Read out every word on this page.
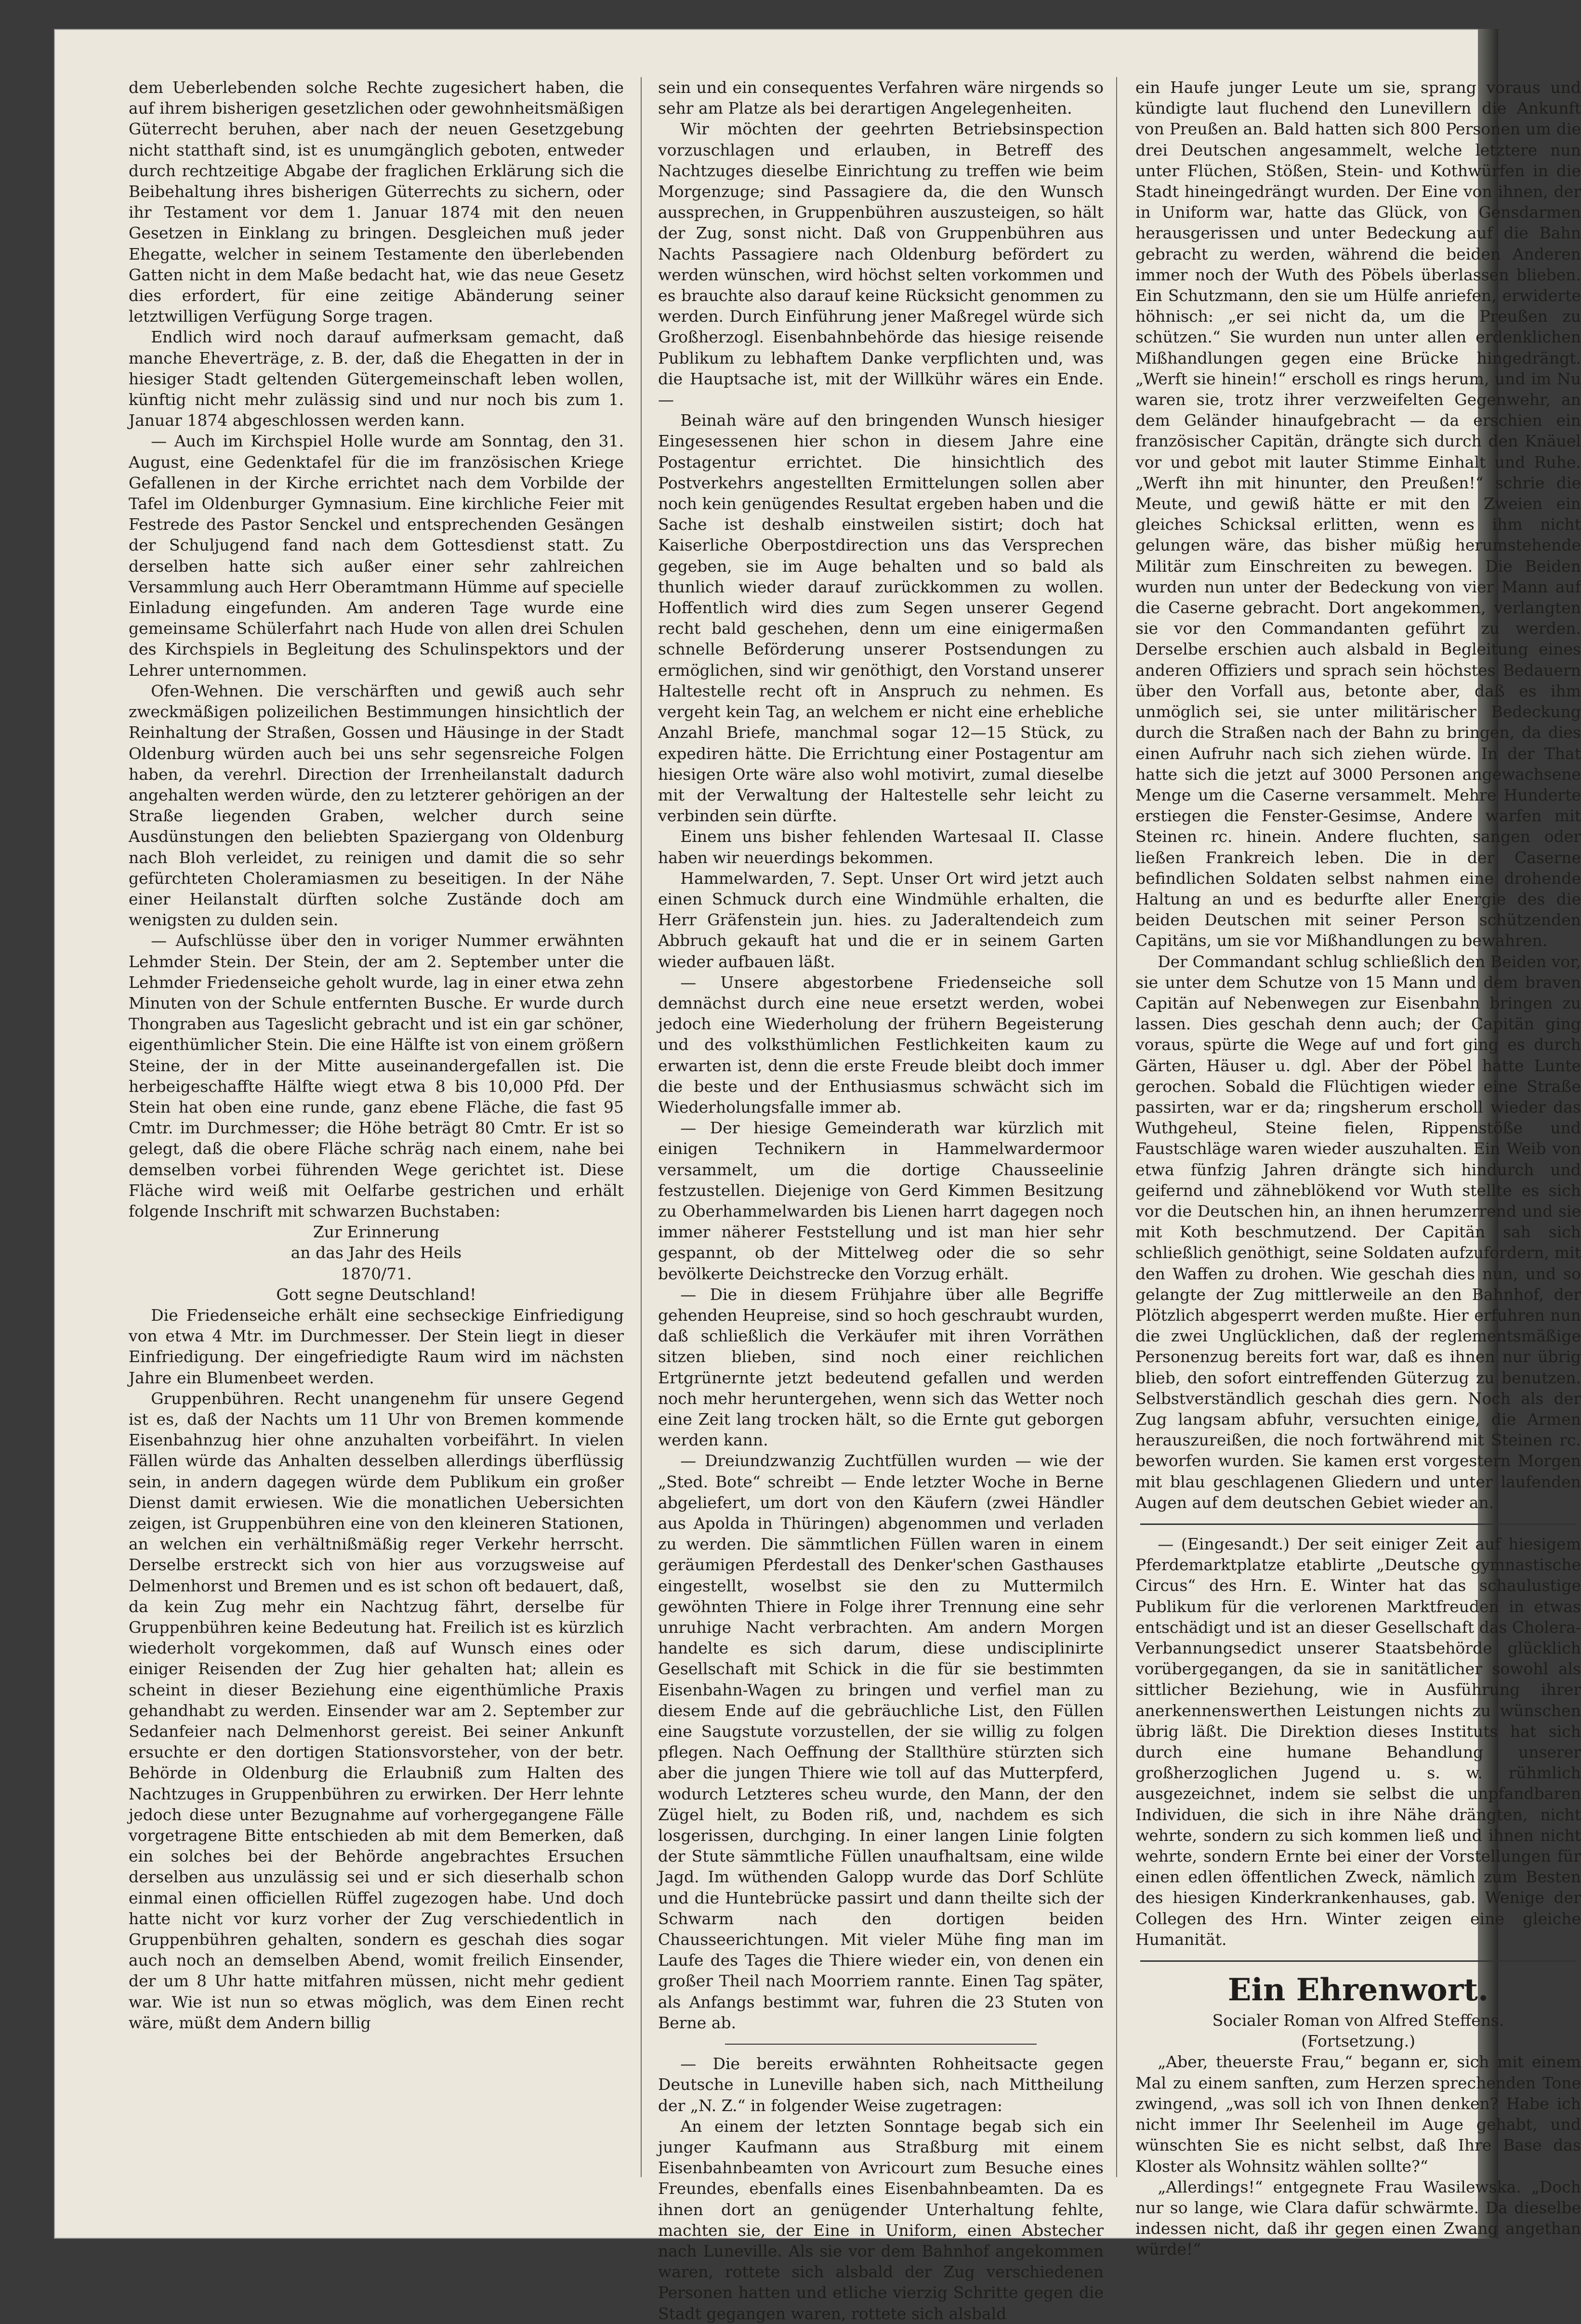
dem Ueberlebenden solche Rechte zugesichert haben, die auf ihrem bisherigen gesetzlichen oder gewohnheitsmäßigen Güterrecht beruhen, aber nach der neuen Gesetzgebung nicht statthaft sind, ist es unumgänglich geboten, entweder durch rechtzeitige Abgabe der fraglichen Erklärung sich die Beibehaltung ihres bisherigen Güterrechts zu sichern, oder ihr Testament vor dem 1. Januar 1874 mit den neuen Gesetzen in Einklang zu bringen. Desgleichen muß jeder Ehegatte, welcher in seinem Testamente den überlebenden Gatten nicht in dem Maße bedacht hat, wie das neue Gesetz dies erfordert, für eine zeitige Abänderung seiner letztwilligen Verfügung Sorge tragen.

Endlich wird noch darauf aufmerksam gemacht, daß manche Eheverträge, z. B. der, daß die Ehegatten in der in hiesiger Stadt geltenden Gütergemeinschaft leben wollen, künftig nicht mehr zulässig sind und nur noch bis zum 1. Januar 1874 abgeschlossen werden kann.

— Auch im Kirchspiel Holle wurde am Sonntag, den 31. August, eine Gedenktafel für die im französischen Kriege Gefallenen in der Kirche errichtet nach dem Vorbilde der Tafel im Oldenburger Gymnasium. Eine kirchliche Feier mit Festrede des Pastor Senckel und entsprechenden Gesängen der Schuljugend fand nach dem Gottesdienst statt. Zu derselben hatte sich außer einer sehr zahlreichen Versammlung auch Herr Oberamtmann Hümme auf specielle Einladung eingefunden. Am anderen Tage wurde eine gemeinsame Schülerfahrt nach Hude von allen drei Schulen des Kirchspiels in Begleitung des Schulinspektors und der Lehrer unternommen.

Ofen-Wehnen. Die verschärften und gewiß auch sehr zweckmäßigen polizeilichen Bestimmungen hinsichtlich der Reinhaltung der Straßen, Gossen und Häusinge in der Stadt Oldenburg würden auch bei uns sehr segensreiche Folgen haben, da verehrl. Direction der Irrenheilanstalt dadurch angehalten werden würde, den zu letzterer gehörigen an der Straße liegenden Graben, welcher durch seine Ausdünstungen den beliebten Spaziergang von Oldenburg nach Bloh verleidet, zu reinigen und damit die so sehr gefürchteten Choleramiasmen zu beseitigen. In der Nähe einer Heilanstalt dürften solche Zustände doch am wenigsten zu dulden sein.

— Aufschlüsse über den in voriger Nummer erwähnten Lehmder Stein. Der Stein, der am 2. September unter die Lehmder Friedenseiche geholt wurde, lag in einer etwa zehn Minuten von der Schule entfernten Busche. Er wurde durch Thongraben aus Tageslicht gebracht und ist ein gar schöner, eigenthümlicher Stein. Die eine Hälfte ist von einem größern Steine, der in der Mitte auseinandergefallen ist. Die herbeigeschaffte Hälfte wiegt etwa 8 bis 10,000 Pfd. Der Stein hat oben eine runde, ganz ebene Fläche, die fast 95 Cmtr. im Durchmesser; die Höhe beträgt 80 Cmtr. Er ist so gelegt, daß die obere Fläche schräg nach einem, nahe bei demselben vorbei führenden Wege gerichtet ist. Diese Fläche wird weiß mit Oelfarbe gestrichen und erhält folgende Inschrift mit schwarzen Buchstaben:

Zur Erinnerung

an das Jahr des Heils

1870/71.

Gott segne Deutschland!

Die Friedenseiche erhält eine sechseckige Einfriedigung von etwa 4 Mtr. im Durchmesser. Der Stein liegt in dieser Einfriedigung. Der eingefriedigte Raum wird im nächsten Jahre ein Blumenbeet werden.

Gruppenbühren. Recht unangenehm für unsere Gegend ist es, daß der Nachts um 11 Uhr von Bremen kommende Eisenbahnzug hier ohne anzuhalten vorbeifährt. In vielen Fällen würde das Anhalten desselben allerdings überflüssig sein, in andern dagegen würde dem Publikum ein großer Dienst damit erwiesen. Wie die monatlichen Uebersichten zeigen, ist Gruppenbühren eine von den kleineren Stationen, an welchen ein verhältnißmäßig reger Verkehr herrscht. Derselbe erstreckt sich von hier aus vorzugsweise auf Delmenhorst und Bremen und es ist schon oft bedauert, daß, da kein Zug mehr ein Nachtzug fährt, derselbe für Gruppenbühren keine Bedeutung hat. Freilich ist es kürzlich wiederholt vorgekommen, daß auf Wunsch eines oder einiger Reisenden der Zug hier gehalten hat; allein es scheint in dieser Beziehung eine eigenthümliche Praxis gehandhabt zu werden. Einsender war am 2. September zur Sedanfeier nach Delmenhorst gereist. Bei seiner Ankunft ersuchte er den dortigen Stationsvorsteher, von der betr. Behörde in Oldenburg die Erlaubniß zum Halten des Nachtzuges in Gruppenbühren zu erwirken. Der Herr lehnte jedoch diese unter Bezugnahme auf vorhergegangene Fälle vorgetragene Bitte entschieden ab mit dem Bemerken, daß ein solches bei der Behörde angebrachtes Ersuchen derselben aus unzulässig sei und er sich dieserhalb schon einmal einen officiellen Rüffel zugezogen habe. Und doch hatte nicht vor kurz vorher der Zug verschiedentlich in Gruppenbühren gehalten, sondern es geschah dies sogar auch noch an demselben Abend, womit freilich Einsender, der um 8 Uhr hatte mitfahren müssen, nicht mehr gedient war. Wie ist nun so etwas möglich, was dem Einen recht wäre, müßt dem Andern billig

sein und ein consequentes Verfahren wäre nirgends so sehr am Platze als bei derartigen Angelegenheiten.

Wir möchten der geehrten Betriebsinspection vorzuschlagen und erlauben, in Betreff des Nachtzuges dieselbe Einrichtung zu treffen wie beim Morgenzuge; sind Passagiere da, die den Wunsch aussprechen, in Gruppenbühren auszusteigen, so hält der Zug, sonst nicht. Daß von Gruppenbühren aus Nachts Passagiere nach Oldenburg befördert zu werden wünschen, wird höchst selten vorkommen und es brauchte also darauf keine Rücksicht genommen zu werden. Durch Einführung jener Maßregel würde sich Großherzogl. Eisenbahnbehörde das hiesige reisende Publikum zu lebhaftem Danke verpflichten und, was die Hauptsache ist, mit der Willkühr wäres ein Ende. —

Beinah wäre auf den bringenden Wunsch hiesiger Eingesessenen hier schon in diesem Jahre eine Postagentur errichtet. Die hinsichtlich des Postverkehrs angestellten Ermittelungen sollen aber noch kein genügendes Resultat ergeben haben und die Sache ist deshalb einstweilen sistirt; doch hat Kaiserliche Oberpostdirection uns das Versprechen gegeben, sie im Auge behalten und so bald als thunlich wieder darauf zurückkommen zu wollen. Hoffentlich wird dies zum Segen unserer Gegend recht bald geschehen, denn um eine einigermaßen schnelle Beförderung unserer Postsendungen zu ermöglichen, sind wir genöthigt, den Vorstand unserer Haltestelle recht oft in Anspruch zu nehmen. Es vergeht kein Tag, an welchem er nicht eine erhebliche Anzahl Briefe, manchmal sogar 12—15 Stück, zu expediren hätte. Die Errichtung einer Postagentur am hiesigen Orte wäre also wohl motivirt, zumal dieselbe mit der Verwaltung der Haltestelle sehr leicht zu verbinden sein dürfte.

Einem uns bisher fehlenden Wartesaal II. Classe haben wir neuerdings bekommen.

Hammelwarden, 7. Sept. Unser Ort wird jetzt auch einen Schmuck durch eine Windmühle erhalten, die Herr Gräfenstein jun. hies. zu Jaderaltendeich zum Abbruch gekauft hat und die er in seinem Garten wieder aufbauen läßt.

— Unsere abgestorbene Friedenseiche soll demnächst durch eine neue ersetzt werden, wobei jedoch eine Wiederholung der frühern Begeisterung und des volksthümlichen Festlichkeiten kaum zu erwarten ist, denn die erste Freude bleibt doch immer die beste und der Enthusiasmus schwächt sich im Wiederholungsfalle immer ab.

— Der hiesige Gemeinderath war kürzlich mit einigen Technikern in Hammelwardermoor versammelt, um die dortige Chausseelinie festzustellen. Diejenige von Gerd Kimmen Besitzung zu Oberhammelwarden bis Lienen harrt dagegen noch immer näherer Feststellung und ist man hier sehr gespannt, ob der Mittelweg oder die so sehr bevölkerte Deichstrecke den Vorzug erhält.

— Die in diesem Frühjahre über alle Begriffe gehenden Heupreise, sind so hoch geschraubt wurden, daß schließlich die Verkäufer mit ihren Vorräthen sitzen blieben, sind noch einer reichlichen Ertgrünernte jetzt bedeutend gefallen und werden noch mehr heruntergehen, wenn sich das Wetter noch eine Zeit lang trocken hält, so die Ernte gut geborgen werden kann.

— Dreiundzwanzig Zuchtfüllen wurden — wie der „Sted. Bote“ schreibt — Ende letzter Woche in Berne abgeliefert, um dort von den Käufern (zwei Händler aus Apolda in Thüringen) abgenommen und verladen zu werden. Die sämmtlichen Füllen waren in einem geräumigen Pferdestall des Denker'schen Gasthauses eingestellt, woselbst sie den zu Muttermilch gewöhnten Thiere in Folge ihrer Trennung eine sehr unruhige Nacht verbrachten. Am andern Morgen handelte es sich darum, diese undisciplinirte Gesellschaft mit Schick in die für sie bestimmten Eisenbahn-Wagen zu bringen und verfiel man zu diesem Ende auf die gebräuchliche List, den Füllen eine Saugstute vorzustellen, der sie willig zu folgen pflegen. Nach Oeffnung der Stallthüre stürzten sich aber die jungen Thiere wie toll auf das Mutterpferd, wodurch Letzteres scheu wurde, den Mann, der den Zügel hielt, zu Boden riß, und, nachdem es sich losgerissen, durchging. In einer langen Linie folgten der Stute sämmtliche Füllen unaufhaltsam, eine wilde Jagd. Im wüthenden Galopp wurde das Dorf Schlüte und die Huntebrücke passirt und dann theilte sich der Schwarm nach den dortigen beiden Chausseerichtungen. Mit vieler Mühe fing man im Laufe des Tages die Thiere wieder ein, von denen ein großer Theil nach Moorriem rannte. Einen Tag später, als Anfangs bestimmt war, fuhren die 23 Stuten von Berne ab.

— Die bereits erwähnten Rohheitsacte gegen Deutsche in Luneville haben sich, nach Mittheilung der „N. Z.“ in folgender Weise zugetragen:

An einem der letzten Sonntage begab sich ein junger Kaufmann aus Straßburg mit einem Eisenbahnbeamten von Avricourt zum Besuche eines Freundes, ebenfalls eines Eisenbahnbeamten. Da es ihnen dort an genügender Unterhaltung fehlte, machten sie, der Eine in Uniform, einen Abstecher nach Luneville. Als sie vor dem Bahnhof angekommen waren, rottete sich alsbald der Zug verschiedenen Personen hatten und etliche vierzig Schritte gegen die Stadt gegangen waren, rottete sich alsbald

ein Haufe junger Leute um sie, sprang voraus und kündigte laut fluchend den Lunevillern die Ankunft von Preußen an. Bald hatten sich 800 Personen um die drei Deutschen angesammelt, welche letztere nun unter Flüchen, Stößen, Stein- und Kothwürfen in die Stadt hineingedrängt wurden. Der Eine von ihnen, der in Uniform war, hatte das Glück, von Gensdarmen herausgerissen und unter Bedeckung auf die Bahn gebracht zu werden, während die beiden Anderen immer noch der Wuth des Pöbels überlassen blieben. Ein Schutzmann, den sie um Hülfe anriefen, erwiderte höhnisch: „er sei nicht da, um die Preußen zu schützen.“ Sie wurden nun unter allen erdenklichen Mißhandlungen gegen eine Brücke hingedrängt. „Werft sie hinein!“ erscholl es rings herum, und im Nu waren sie, trotz ihrer verzweifelten Gegenwehr, an dem Geländer hinaufgebracht — da erschien ein französischer Capitän, drängte sich durch den Knäuel vor und gebot mit lauter Stimme Einhalt und Ruhe. „Werft ihn mit hinunter, den Preußen!“ schrie die Meute, und gewiß hätte er mit den Zweien ein gleiches Schicksal erlitten, wenn es ihm nicht gelungen wäre, das bisher müßig herumstehende Militär zum Einschreiten zu bewegen. Die Beiden wurden nun unter der Bedeckung von vier Mann auf die Caserne gebracht. Dort angekommen, verlangten sie vor den Commandanten geführt zu werden. Derselbe erschien auch alsbald in Begleitung eines anderen Offiziers und sprach sein höchstes Bedauern über den Vorfall aus, betonte aber, daß es ihm unmöglich sei, sie unter militärischer Bedeckung durch die Straßen nach der Bahn zu bringen, da dies einen Aufruhr nach sich ziehen würde. In der That hatte sich die jetzt auf 3000 Personen angewachsene Menge um die Caserne versammelt. Mehre Hunderte erstiegen die Fenster-Gesimse, Andere warfen mit Steinen rc. hinein. Andere fluchten, sangen oder ließen Frankreich leben. Die in der Caserne befindlichen Soldaten selbst nahmen eine drohende Haltung an und es bedurfte aller Energie des die beiden Deutschen mit seiner Person schützenden Capitäns, um sie vor Mißhandlungen zu bewahren.

Der Commandant schlug schließlich den Beiden vor, sie unter dem Schutze von 15 Mann und dem braven Capitän auf Nebenwegen zur Eisenbahn bringen zu lassen. Dies geschah denn auch; der Capitän ging voraus, spürte die Wege auf und fort ging es durch Gärten, Häuser u. dgl. Aber der Pöbel hatte Lunte gerochen. Sobald die Flüchtigen wieder eine Straße passirten, war er da; ringsherum erscholl wieder das Wuthgeheul, Steine fielen, Rippenstöße und Faustschläge waren wieder auszuhalten. Ein Weib von etwa fünfzig Jahren drängte sich hindurch und geifernd und zähneblökend vor Wuth stellte es sich vor die Deutschen hin, an ihnen herumzerrend und sie mit Koth beschmutzend. Der Capitän sah sich schließlich genöthigt, seine Soldaten aufzufordern, mit den Waffen zu drohen. Wie geschah dies nun, und so gelangte der Zug mittlerweile an den Bahnhof, der Plötzlich abgesperrt werden mußte. Hier erfuhren nun die zwei Unglücklichen, daß der reglementsmäßige Personenzug bereits fort war, daß es ihnen nur übrig blieb, den sofort eintreffenden Güterzug zu benutzen. Selbstverständlich geschah dies gern. Noch als der Zug langsam abfuhr, versuchten einige, die Armen herauszureißen, die noch fortwährend mit Steinen rc. beworfen wurden. Sie kamen erst vorgestern Morgen mit blau geschlagenen Gliedern und unter laufenden Augen auf dem deutschen Gebiet wieder an.

— (Eingesandt.) Der seit einiger Zeit auf hiesigem Pferdemarktplatze etablirte „Deutsche gymnastische Circus“ des Hrn. E. Winter hat das schaulustige Publikum für die verlorenen Marktfreuden in etwas entschädigt und ist an dieser Gesellschaft das Cholera-Verbannungsedict unserer Staatsbehörde glücklich vorübergegangen, da sie in sanitätlicher sowohl als sittlicher Beziehung, wie in Ausführung ihrer anerkennenswerthen Leistungen nichts zu wünschen übrig läßt. Die Direktion dieses Instituts hat sich durch eine humane Behandlung unserer großherzoglichen Jugend u. s. w. rühmlich ausgezeichnet, indem sie selbst die unpfandbaren Individuen, die sich in ihre Nähe drängten, nicht wehrte, sondern zu sich kommen ließ und ihnen nicht wehrte, sondern Ernte bei einer der Vorstellungen für einen edlen öffentlichen Zweck, nämlich zum Besten des hiesigen Kinderkrankenhauses, gab. Wenige der Collegen des Hrn. Winter zeigen eine gleiche Humanität.

Ein Ehrenwort.

Socialer Roman von Alfred Steffens.

(Fortsetzung.)

„Aber, theuerste Frau,“ begann er, sich mit einem Mal zu einem sanften, zum Herzen sprechenden Tone zwingend, „was soll ich von Ihnen denken? Habe ich nicht immer Ihr Seelenheil im Auge gehabt, und wünschten Sie es nicht selbst, daß Ihre Base das Kloster als Wohnsitz wählen sollte?“

„Allerdings!“ entgegnete Frau Wasilewska. „Doch nur so lange, wie Clara dafür schwärmte. Da dieselbe indessen nicht, daß ihr gegen einen Zwang angethan würde!“
